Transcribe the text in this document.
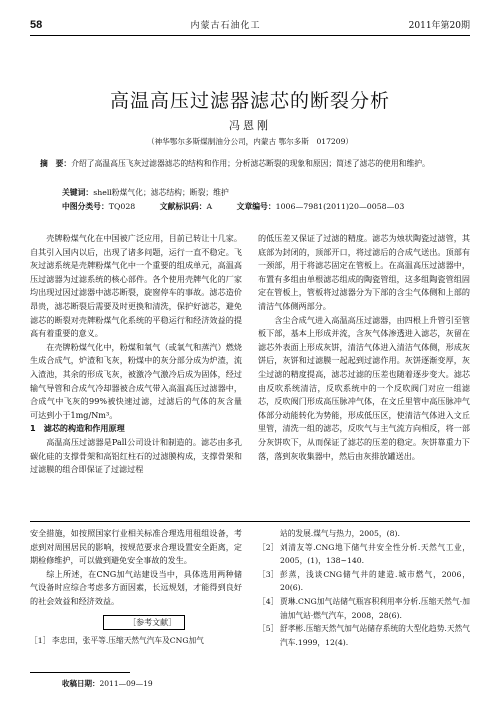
58	内蒙古石油化工	2011年第20期
高温高压过滤器滤芯的断裂分析
冯恩刚
（神华鄂尔多斯煤制油分公司，内蒙古 鄂尔多斯　017209）
摘　要：介绍了高温高压飞灰过滤器滤芯的结构和作用；分析滤芯断裂的现象和原因；简述了滤芯的使用和维护。
关键词：shell粉煤气化；滤芯结构；断裂；维护
中图分类号：TQ028	文献标识码：A	文章编号：1006—7981(2011)20—0058—03

壳牌粉煤气化在中国被广泛应用，目前已转让十几家。自其引入国内以后，出现了诸多问题，运行一直不稳定。飞灰过滤系统是壳牌粉煤气化中一个重要的组成单元，高温高压过滤器为过滤系统的核心部件。各个使用壳牌气化的厂家均出现过因过滤器中滤芯断裂，旋窗停车的事故。滤芯造价昂贵，滤芯断裂后需要及时更换和清洗，保护好滤芯，避免滤芯的断裂对壳牌粉煤气化系统的平稳运行和经济效益的提高有着重要的意义。

在壳牌粉煤气化中，粉煤和氧气（或氧气和蒸汽）燃烧生成合成气，炉渣和飞灰，粉煤中的灰分部分成为炉渣，流入渣池，其余的形成飞灰，被激冷气激冷后成为固体，经过输气导管和合成气冷却器被合成气带入高温高压过滤器中，合成气中飞灰的99%被快速过滤，过滤后的气体的灰含量可达到小于1mg/Nm³。

1　滤芯的构造和作用原理

高温高压过滤器是Pall公司设计和制造的。滤芯由多孔碳化硅的支撑骨架和高铝红柱石的过滤膜构成，支撑骨架和过滤膜的组合即保证了过滤过程

的低压差又保证了过滤的精度。滤芯为烛状陶瓷过滤管，其底部为封闭的，顶部开口，将过滤后的合成气送出。顶部有一颈部，用于将滤芯固定在管板上。在高温高压过滤器中，布置有多组由单根滤芯组成的陶瓷管组，这多组陶瓷管组固定在管板上，管板将过滤器分为下部的含尘气体侧和上部的清洁气体侧两部分。

含尘合成气进入高温高压过滤器，由四根上升管引至管板下部，基本上形成并流，含灰气体渗透进入滤芯，灰留在滤芯外表面上形成灰饼，清洁气体进入清洁气体侧，形成灰饼后，灰饼和过滤膜一起起到过滤作用。灰饼逐渐变厚，灰尘过滤的精度提高，滤芯过滤的压差也随着逐步变大。滤芯由反吹系统清洁，反吹系统中的一个反吹阀门对应一组滤芯，反吹阀门形成高压脉冲气体，在文丘里管中高压脉冲气体部分动能转化为势能，形成低压区，使清洁气体进入文丘里管，清洗一组的滤芯，反吹气与主气流方向相反，将一部分灰饼吹下，从而保证了滤芯的压差的稳定。灰饼靠重力下落，落到灰收集器中，然后由灰排放罐送出。

安全措施，如按照国家行业相关标准合理选用租组设备，考虑到对周围居民的影响，按规范要求合理设置安全距离，定期检修维护，可以做到避免安全事故的发生。

综上所述，在CNG加气站建设当中，具体选用两种储气设备时应综合考虑多方面因素，长远规划，才能得到良好的社会效益和经济效益。

［参考文献］

［1］ 李忠田，张平等.压缩天然气汽车及CNG加气

站的发展.煤气与热力，2005，(8).

［2］ 刘清友等.CNG地下储气井安全性分析.天然气工业，2005，(1)，138~140.

［3］ 彭蒸，浅谈CNG储气井的建造.城市燃气，2006，20(6).

［4］ 贾琳.CNG加气站储气瓶容积利用率分析.压缩天然气·加油加气站·燃气汽车，2008，28(6).

［5］ 舒孝彬.压缩天然气加气站储存系统的大型化趋势.天然气汽车.1999，12(4).

收稿日期：2011—09—19
